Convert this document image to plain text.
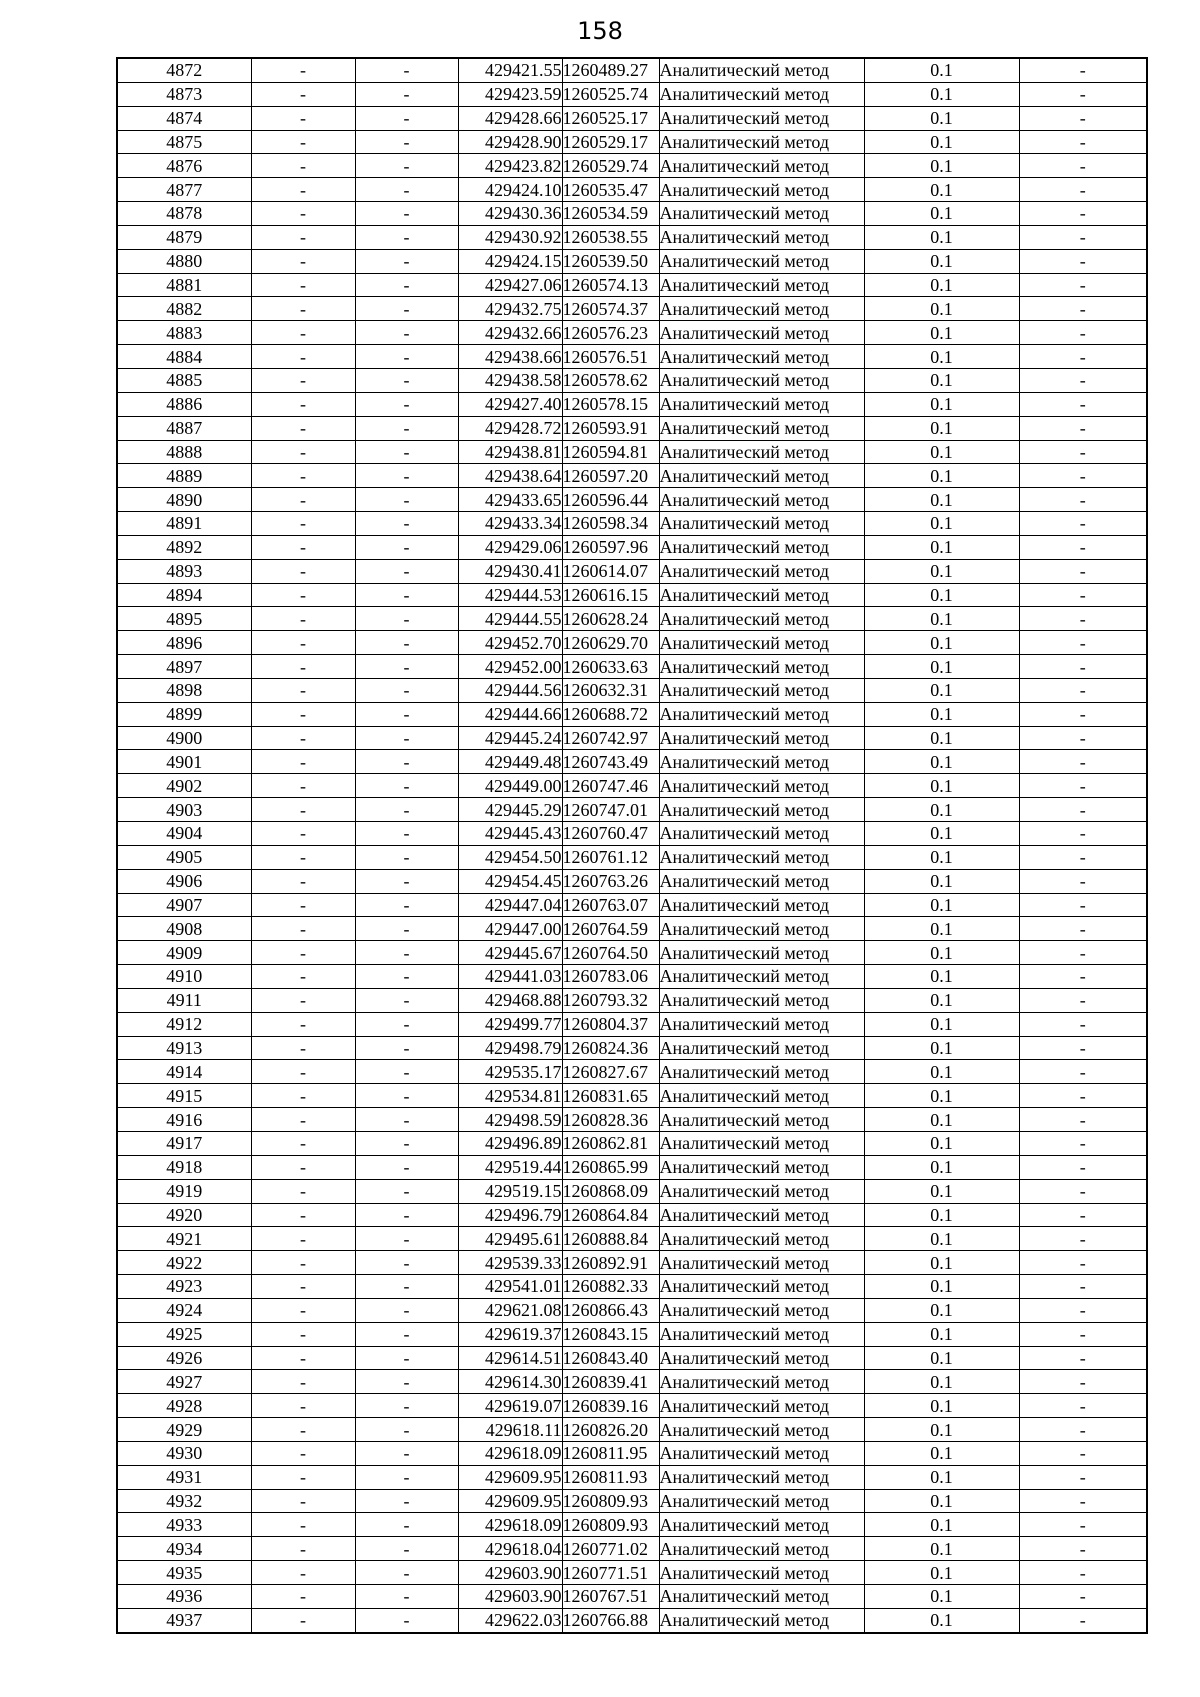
158
4872	-	-	429421.55	1260489.27	Аналитический метод	0.1	-
4873	-	-	429423.59	1260525.74	Аналитический метод	0.1	-
4874	-	-	429428.66	1260525.17	Аналитический метод	0.1	-
4875	-	-	429428.90	1260529.17	Аналитический метод	0.1	-
4876	-	-	429423.82	1260529.74	Аналитический метод	0.1	-
4877	-	-	429424.10	1260535.47	Аналитический метод	0.1	-
4878	-	-	429430.36	1260534.59	Аналитический метод	0.1	-
4879	-	-	429430.92	1260538.55	Аналитический метод	0.1	-
4880	-	-	429424.15	1260539.50	Аналитический метод	0.1	-
4881	-	-	429427.06	1260574.13	Аналитический метод	0.1	-
4882	-	-	429432.75	1260574.37	Аналитический метод	0.1	-
4883	-	-	429432.66	1260576.23	Аналитический метод	0.1	-
4884	-	-	429438.66	1260576.51	Аналитический метод	0.1	-
4885	-	-	429438.58	1260578.62	Аналитический метод	0.1	-
4886	-	-	429427.40	1260578.15	Аналитический метод	0.1	-
4887	-	-	429428.72	1260593.91	Аналитический метод	0.1	-
4888	-	-	429438.81	1260594.81	Аналитический метод	0.1	-
4889	-	-	429438.64	1260597.20	Аналитический метод	0.1	-
4890	-	-	429433.65	1260596.44	Аналитический метод	0.1	-
4891	-	-	429433.34	1260598.34	Аналитический метод	0.1	-
4892	-	-	429429.06	1260597.96	Аналитический метод	0.1	-
4893	-	-	429430.41	1260614.07	Аналитический метод	0.1	-
4894	-	-	429444.53	1260616.15	Аналитический метод	0.1	-
4895	-	-	429444.55	1260628.24	Аналитический метод	0.1	-
4896	-	-	429452.70	1260629.70	Аналитический метод	0.1	-
4897	-	-	429452.00	1260633.63	Аналитический метод	0.1	-
4898	-	-	429444.56	1260632.31	Аналитический метод	0.1	-
4899	-	-	429444.66	1260688.72	Аналитический метод	0.1	-
4900	-	-	429445.24	1260742.97	Аналитический метод	0.1	-
4901	-	-	429449.48	1260743.49	Аналитический метод	0.1	-
4902	-	-	429449.00	1260747.46	Аналитический метод	0.1	-
4903	-	-	429445.29	1260747.01	Аналитический метод	0.1	-
4904	-	-	429445.43	1260760.47	Аналитический метод	0.1	-
4905	-	-	429454.50	1260761.12	Аналитический метод	0.1	-
4906	-	-	429454.45	1260763.26	Аналитический метод	0.1	-
4907	-	-	429447.04	1260763.07	Аналитический метод	0.1	-
4908	-	-	429447.00	1260764.59	Аналитический метод	0.1	-
4909	-	-	429445.67	1260764.50	Аналитический метод	0.1	-
4910	-	-	429441.03	1260783.06	Аналитический метод	0.1	-
4911	-	-	429468.88	1260793.32	Аналитический метод	0.1	-
4912	-	-	429499.77	1260804.37	Аналитический метод	0.1	-
4913	-	-	429498.79	1260824.36	Аналитический метод	0.1	-
4914	-	-	429535.17	1260827.67	Аналитический метод	0.1	-
4915	-	-	429534.81	1260831.65	Аналитический метод	0.1	-
4916	-	-	429498.59	1260828.36	Аналитический метод	0.1	-
4917	-	-	429496.89	1260862.81	Аналитический метод	0.1	-
4918	-	-	429519.44	1260865.99	Аналитический метод	0.1	-
4919	-	-	429519.15	1260868.09	Аналитический метод	0.1	-
4920	-	-	429496.79	1260864.84	Аналитический метод	0.1	-
4921	-	-	429495.61	1260888.84	Аналитический метод	0.1	-
4922	-	-	429539.33	1260892.91	Аналитический метод	0.1	-
4923	-	-	429541.01	1260882.33	Аналитический метод	0.1	-
4924	-	-	429621.08	1260866.43	Аналитический метод	0.1	-
4925	-	-	429619.37	1260843.15	Аналитический метод	0.1	-
4926	-	-	429614.51	1260843.40	Аналитический метод	0.1	-
4927	-	-	429614.30	1260839.41	Аналитический метод	0.1	-
4928	-	-	429619.07	1260839.16	Аналитический метод	0.1	-
4929	-	-	429618.11	1260826.20	Аналитический метод	0.1	-
4930	-	-	429618.09	1260811.95	Аналитический метод	0.1	-
4931	-	-	429609.95	1260811.93	Аналитический метод	0.1	-
4932	-	-	429609.95	1260809.93	Аналитический метод	0.1	-
4933	-	-	429618.09	1260809.93	Аналитический метод	0.1	-
4934	-	-	429618.04	1260771.02	Аналитический метод	0.1	-
4935	-	-	429603.90	1260771.51	Аналитический метод	0.1	-
4936	-	-	429603.90	1260767.51	Аналитический метод	0.1	-
4937	-	-	429622.03	1260766.88	Аналитический метод	0.1	-
